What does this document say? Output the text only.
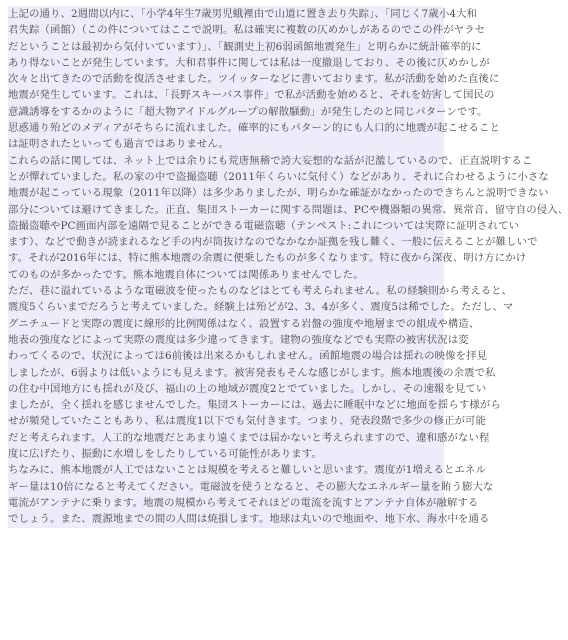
上記の通り、2週間以内に、「小学4年生7歳男児蛾裡由で山道に置き去り失踪」、「同じく7歳小4大和
君失踪（函館）（この件についてはここで説明。私は確実に複数の仄めかしがあるのでこの件がヤラセ
だということは最初から気付いています）」、「観測史上初6弱函館地震発生」と明らかに統計確率的に
あり得ないことが発生しています。大和君事件に関しては私は一度撤退しており、その後に仄めかしが
次々と出てきたので活動を復活させました。ツイッターなどに書いております。私が活動を始めた直後に
地震が発生しています。これは、「長野スキーバス事件」で私が活動を始めると、それを妨害して国民の
意識誘導をするかのように「超大物アイドルグループの解散騒動」が発生したのと同じパターンです。
思惑通り殆どのメディアがそちらに流れました。確率的にもパターン的にも人口的に地震が起こせること
は証明されたといっても過言ではありません。
これらの話に関しては、ネット上では余りにも荒唐無稽で誇大妄想的な話が氾濫しているので、正直説明するこ
とが憚れていました。私の家の中で盗撮盗聴（2011年くらいに気付く）などがあり、それに合わせるように小さな
地震が起こっている現象（2011年以降）は多少ありましたが、明らかな確証がなかったのできちんと説明できない
部分については避けてきました。正直、集団ストーカーに関する問題は、PCや機器類の異常、異常音、留守自の侵入、
盗撮盗聴やPC画面内部を遠隔で見ることができる電磁盗聴（テンペスト:これについては実際に証明されてい
ます）、などで動きが読まれるなど手の内が筒抜けなのでなかなか証拠を残し難く、一般に伝えることが難しいで
す。それが2016年には、特に熊本地震の余震に便乗したものが多くなります。特に夜から深夜、明け方にかけ
てのものが多かったです。熊本地震自体については関係ありませんでした。
ただ、巷に溢れているような電磁波を使ったものなどはとても考えられません。私の経験則から考えると、
震度5くらいまでだろうと考えていました。経験上は殆どが2、3、4が多く、震度5は稀でした。ただし、マ
グニチュードと実際の震度に線形的比例関係はなく、設置する岩盤の強度や地層までの組成や構造、
地表の強度などによって実際の震度は多少違ってきます。建物の強度などでも実際の被害状況は変
わってくるので、状況によっては6前後は出来るかもしれません。函館地震の場合は揺れの映像を拝見
しましたが、6弱よりは低いようにも見えます。被害発表もそんな感じがします。熊本地震後の余震で私
の住む中国地方にも揺れが及び、福山の上の地域が震度2とでていました。しかし、その速報を見てい
ましたが、全く揺れを感じませんでした。集団ストーカーには、過去に睡眠中などに地面を揺らす様がら
せが頻発していたこともあり、私は震度1以下でも気付きます。つまり、発表段階で多少の修正が可能
だと考えられます。人工的な地震だとあまり遠くまでは届かないと考えられますので、違和感がない程
度に広げたり、振動に水増しをしたりしている可能性があります。
ちなみに、熊本地震が人工ではないことは規模を考えると難しいと思います。震度が1増えるとエネル
ギー量は10倍になると考えてください。電磁波を使うとなると、その膨大なエネルギー量を賄う膨大な
電流がアンテナに乗ります。地震の規模から考えてそれほどの電流を流すとアンテナ自体が融解する
でしょう。また、震源地までの間の人間は焼損します。地球は丸いので地面や、地下水、海水中を通る
